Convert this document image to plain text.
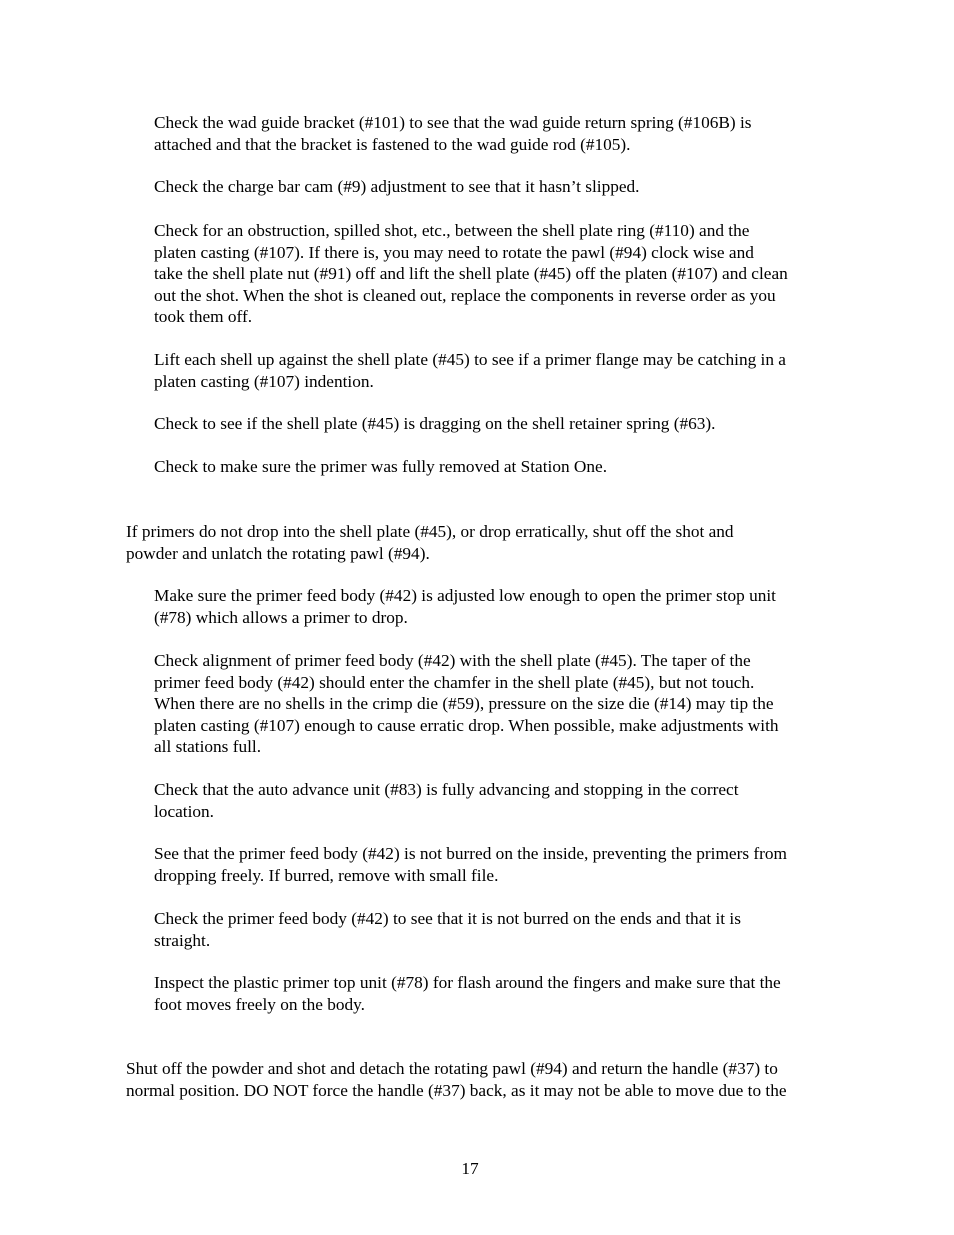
Check the wad guide bracket (#101) to see that the wad guide return spring (#106B) is
attached and that the bracket is fastened to the wad guide rod (#105).
Check the charge bar cam (#9) adjustment to see that it hasn’t slipped.
Check for an obstruction, spilled shot, etc., between the shell plate ring (#110) and the
platen casting (#107). If there is, you may need to rotate the pawl (#94) clock wise and
take the shell plate nut (#91) off and lift the shell plate (#45) off the platen (#107) and clean
out the shot. When the shot is cleaned out, replace the components in reverse order as you
took them off.
Lift each shell up against the shell plate (#45) to see if a primer flange may be catching in a
platen casting (#107) indention.
Check to see if the shell plate (#45) is dragging on the shell retainer spring (#63).
Check to make sure the primer was fully removed at Station One.
If primers do not drop into the shell plate (#45), or drop erratically, shut off the shot and
powder and unlatch the rotating pawl (#94).
Make sure the primer feed body (#42) is adjusted low enough to open the primer stop unit
(#78) which allows a primer to drop.
Check alignment of primer feed body (#42) with the shell plate (#45). The taper of the
primer feed body (#42) should enter the chamfer in the shell plate (#45), but not touch.
When there are no shells in the crimp die (#59), pressure on the size die (#14) may tip the
platen casting (#107) enough to cause erratic drop. When possible, make adjustments with
all stations full.
Check that the auto advance unit (#83) is fully advancing and stopping in the correct
location.
See that the primer feed body (#42) is not burred on the inside, preventing the primers from
dropping freely. If burred, remove with small file.
Check the primer feed body (#42) to see that it is not burred on the ends and that it is
straight.
Inspect the plastic primer top unit (#78) for flash around the fingers and make sure that the
foot moves freely on the body.
Shut off the powder and shot and detach the rotating pawl (#94) and return the handle (#37) to
normal position. DO NOT force the handle (#37) back, as it may not be able to move due to the

17
